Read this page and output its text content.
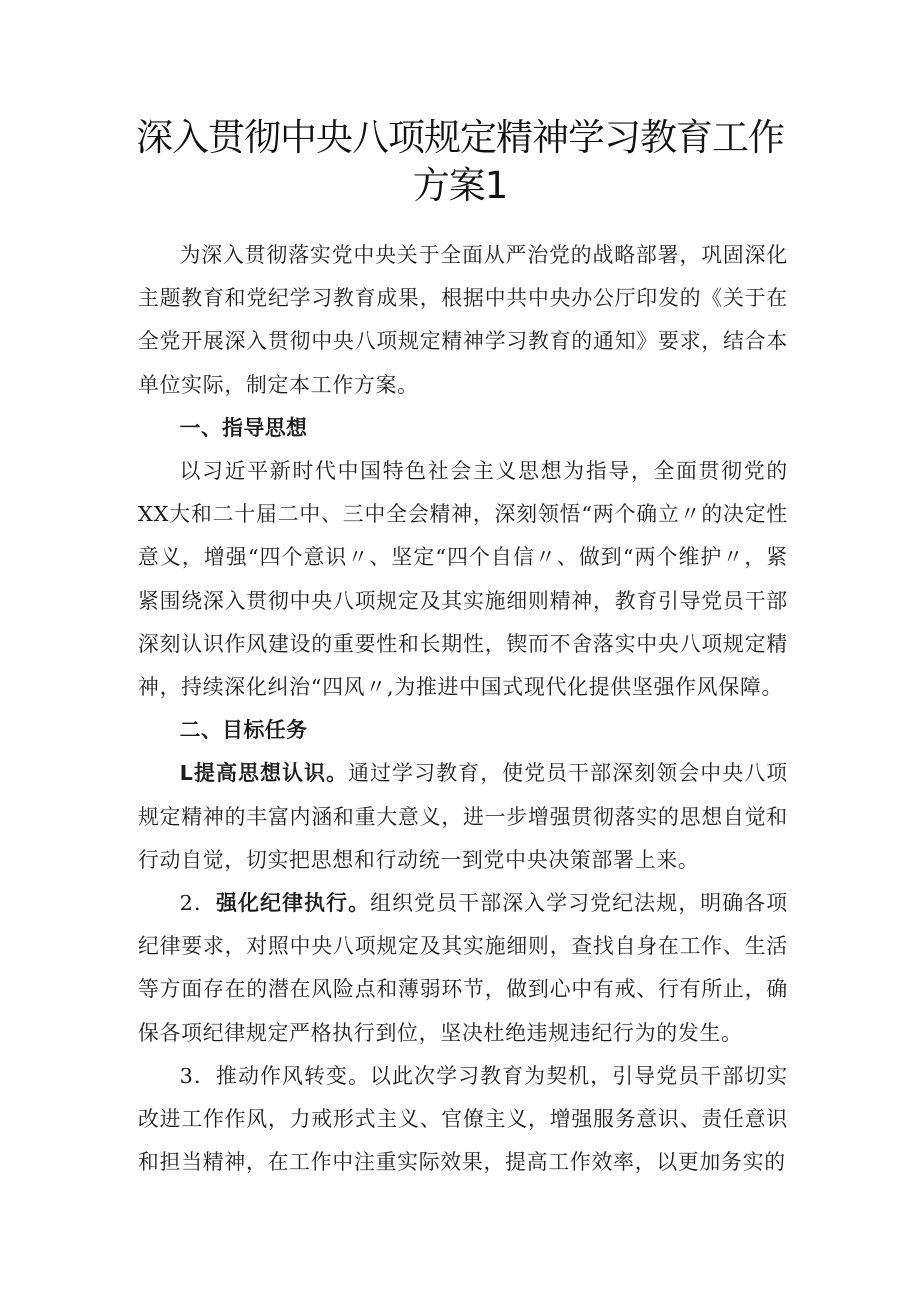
深入贯彻中央八项规定精神学习教育工作
方案1

为深入贯彻落实党中央关于全面从严治党的战略部署，巩固深化主题教育和党纪学习教育成果，根据中共中央办公厅印发的《关于在全党开展深入贯彻中央八项规定精神学习教育的通知》要求，结合本单位实际，制定本工作方案。

一、指导思想

以习近平新时代中国特色社会主义思想为指导，全面贯彻党的XX大和二十届二中、三中全会精神，深刻领悟“两个确立〃的决定性意义，增强“四个意识〃、坚定“四个自信〃、做到“两个维护〃，紧紧围绕深入贯彻中央八项规定及其实施细则精神，教育引导党员干部深刻认识作风建设的重要性和长期性，锲而不舍落实中央八项规定精神，持续深化纠治“四风〃,为推进中国式现代化提供坚强作风保障。

二、目标任务

L提高思想认识。通过学习教育，使党员干部深刻领会中央八项规定精神的丰富内涵和重大意义，进一步增强贯彻落实的思想自觉和行动自觉，切实把思想和行动统一到党中央决策部署上来。

2．强化纪律执行。组织党员干部深入学习党纪法规，明确各项纪律要求，对照中央八项规定及其实施细则，查找自身在工作、生活等方面存在的潜在风险点和薄弱环节，做到心中有戒、行有所止，确保各项纪律规定严格执行到位，坚决杜绝违规违纪行为的发生。

3．推动作风转变。以此次学习教育为契机，引导党员干部切实改进工作作风，力戒形式主义、官僚主义，增强服务意识、责任意识和担当精神，在工作中注重实际效果，提高工作效率，以更加务实的
